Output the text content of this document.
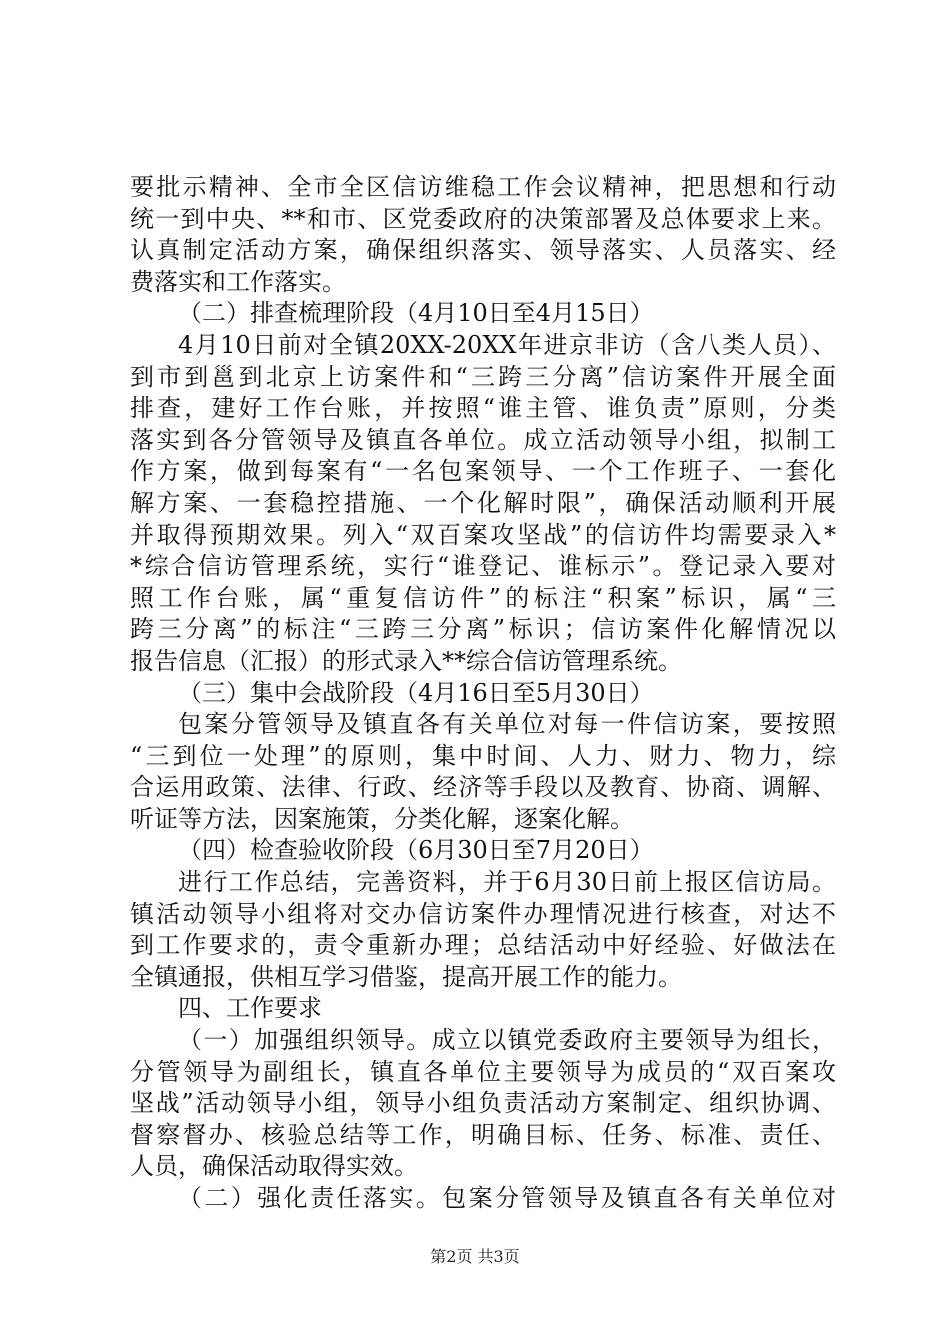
要批示精神、全市全区信访维稳工作会议精神，把思想和行动
统一到中央、**和市、区党委政府的决策部署及总体要求上来。
认真制定活动方案，确保组织落实、领导落实、人员落实、经
费落实和工作落实。
（二）排查梳理阶段（4月10日至4月15日）
4月10日前对全镇20XX-20XX年进京非访（含八类人员）、
到市到邕到北京上访案件和“三跨三分离”信访案件开展全面
排查，建好工作台账，并按照“谁主管、谁负责”原则，分类
落实到各分管领导及镇直各单位。成立活动领导小组，拟制工
作方案，做到每案有“一名包案领导、一个工作班子、一套化
解方案、一套稳控措施、一个化解时限”，确保活动顺利开展
并取得预期效果。列入“双百案攻坚战”的信访件均需要录入*
*综合信访管理系统，实行“谁登记、谁标示”。登记录入要对
照工作台账，属“重复信访件”的标注“积案”标识，属“三
跨三分离”的标注“三跨三分离”标识；信访案件化解情况以
报告信息（汇报）的形式录入**综合信访管理系统。
（三）集中会战阶段（4月16日至5月30日）
包案分管领导及镇直各有关单位对每一件信访案，要按照
“三到位一处理”的原则，集中时间、人力、财力、物力，综
合运用政策、法律、行政、经济等手段以及教育、协商、调解、
听证等方法，因案施策，分类化解，逐案化解。
（四）检查验收阶段（6月30日至7月20日）
进行工作总结，完善资料，并于6月30日前上报区信访局。
镇活动领导小组将对交办信访案件办理情况进行核查，对达不
到工作要求的，责令重新办理；总结活动中好经验、好做法在
全镇通报，供相互学习借鉴，提高开展工作的能力。
四、工作要求
（一）加强组织领导。成立以镇党委政府主要领导为组长，
分管领导为副组长，镇直各单位主要领导为成员的“双百案攻
坚战”活动领导小组，领导小组负责活动方案制定、组织协调、
督察督办、核验总结等工作，明确目标、任务、标准、责任、
人员，确保活动取得实效。
（二）强化责任落实。包案分管领导及镇直各有关单位对
第2页 共3页
